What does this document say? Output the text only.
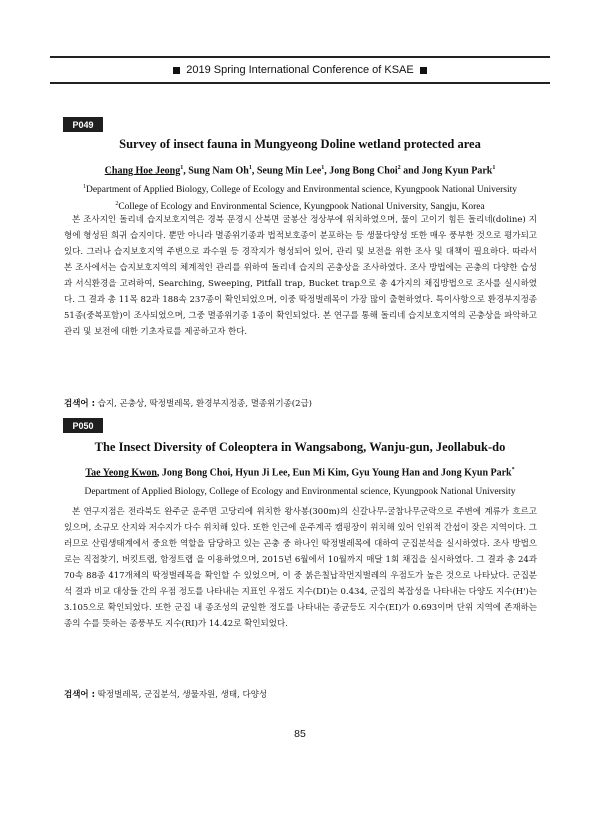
2019 Spring International Conference of KSAE
P049
Survey of insect fauna in Mungyeong Doline wetland protected area
Chang Hoe Jeong$^1$, Sung Nam Oh$^1$, Seung Min Lee$^1$, Jong Bong Choi$^2$ and Jong Kyun Park$^1$
$^1$Department of Applied Biology, College of Ecology and Environmental science, Kyungpook National University
$^2$College of Ecology and Environmental Science, Kyungpook National University, Sangju, Korea

본 조사지인 돌리네 습지보호지역은 경북 문경시 산북면 굴봉산 정상부에 위치하였으며, 물이 고이기 힘든 돌리네(doline) 지형에 형성된 희귀 습지이다. 뿐만 아니라 멸종위기종과 법적보호종이 분포하는 등 생물다양성 또한 매우 풍부한 것으로 평가되고 있다. 그러나 습지보호지역 주변으로 과수원 등 경작지가 형성되어 있어, 관리 및 보전을 위한 조사 및 대책이 필요하다. 따라서 본 조사에서는 습지보호지역의 체계적인 관리를 위하여 돌리네 습지의 곤충상을 조사하였다. 조사 방법에는 곤충의 다양한 습성과 서식환경을 고려하여, Searching, Sweeping, Pitfall trap, Bucket trap으로 총 4가지의 채집방법으로 조사를 실시하였다. 그 결과 총 11목 82과 188속 237종이 확인되었으며, 이중 딱정벌레목이 가장 많이 출현하였다. 특이사항으로 환경부지정종 51종(중복포함)이 조사되었으며, 그중 멸종위기종 1종이 확인되었다. 본 연구를 통해 돌리네 습지보호지역의 곤충상을 파악하고 관리 및 보전에 대한 기초자료를 제공하고자 한다.

검색어 : 습지, 곤충상, 딱정벌레목, 환경부지정종, 멸종위기종(2급)
P050
The Insect Diversity of Coleoptera in Wangsabong, Wanju-gun, Jeollabuk-do
Tae Yeong Kwon, Jong Bong Choi, Hyun Ji Lee, Eun Mi Kim, Gyu Young Han and Jong Kyun Park*
Department of Applied Biology, College of Ecology and Environmental science, Kyungpook National University

본 연구지점은 전라북도 완주군 운주면 고당리에 위치한 왕사봉(300m)의 신갈나무-굴참나무군락으로 주변에 계류가 흐르고 있으며, 소규모 산지와 저수지가 다수 위치해 있다. 또한 인근에 운주계곡 캠핑장이 위치해 있어 인위적 간섭이 잦은 지역이다. 그러므로 산림생태계에서 중요한 역할을 담당하고 있는 곤충 중 하나인 딱정벌레목에 대하여 군집분석을 실시하였다. 조사 방법으로는 직접찾기, 버킷트랩, 함정트랩 을 이용하였으며, 2015년 6월에서 10월까지 매달 1회 채집을 실시하였다. 그 결과 총 24과 70속 88종 417개체의 딱정벌레목을 확인할 수 있었으며, 이 중 붉은칠납작먼지벌레의 우점도가 높은 것으로 나타났다. 군집분석 결과 비교 대상들 간의 우점 정도를 나타내는 지표인 우점도 지수(DI)는 0.434, 군집의 복잡성을 나타내는 다양도 지수(H')는 3.105으로 확인되었다. 또한 군집 내 종조성의 균일한 정도를 나타내는 종균등도 지수(EI)가 0.693이며 단위 지역에 존재하는 종의 수를 뜻하는 종풍부도 지수(RI)가 14.42로 확인되었다.

검색어 : 딱정벌레목, 군집분석, 생물자원, 생태, 다양성
85
